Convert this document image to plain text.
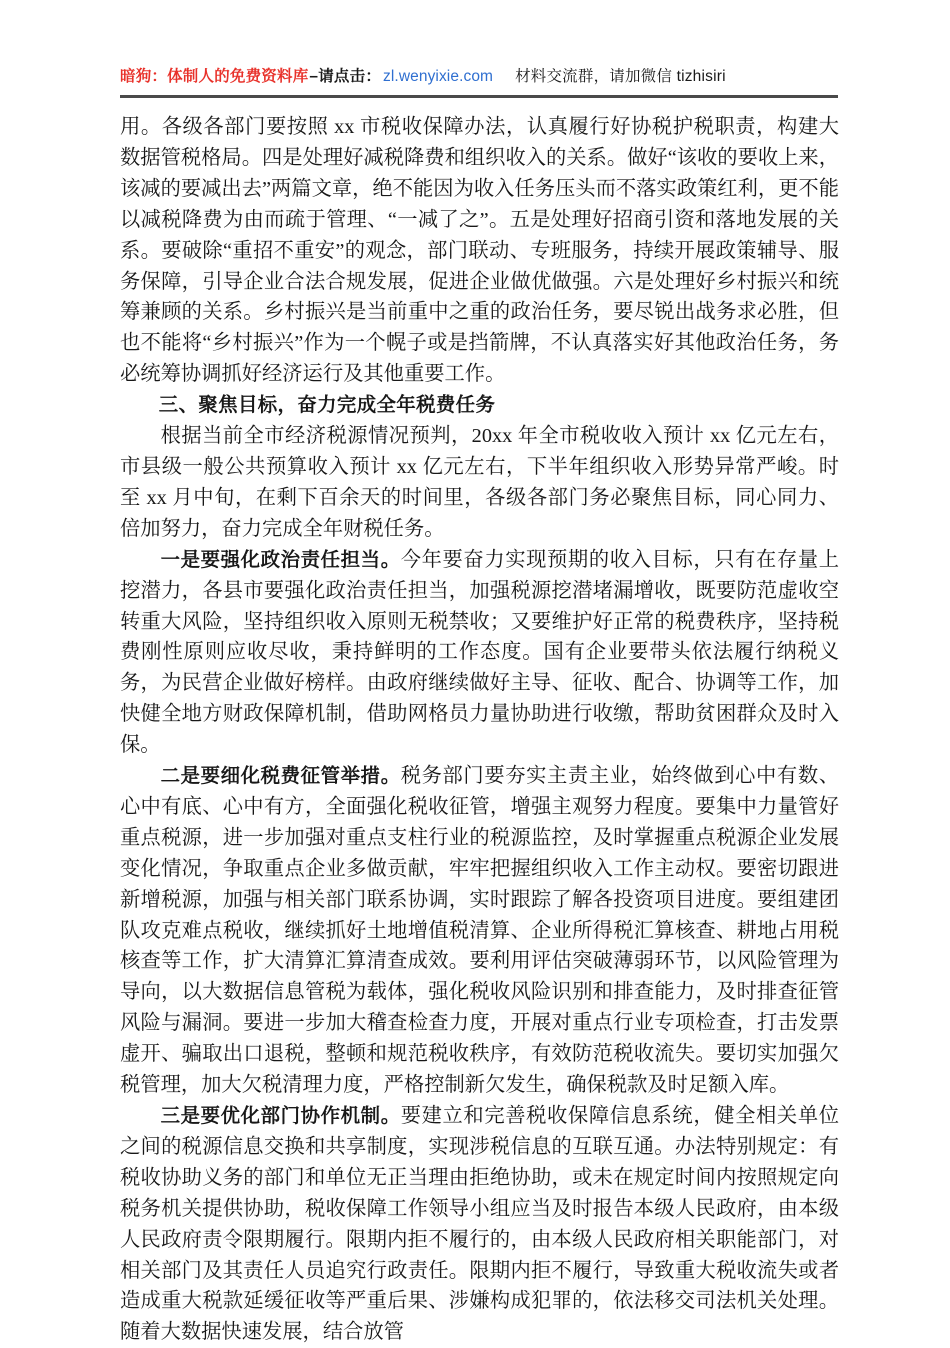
暗狗：体制人的免费资料库 –请点击： zl.wenyixie.com 材料交流群，请加微信 tizhisiri

用。各级各部门要按照 xx 市税收保障办法，认真履行好协税护税职责，构建大数据管税格局。四是处理好减税降费和组织收入的关系。做好“该收的要收上来，该减的要减出去”两篇文章，绝不能因为收入任务压头而不落实政策红利，更不能以减税降费为由而疏于管理、“一减了之”。五是处理好招商引资和落地发展的关系。要破除“重招不重安”的观念，部门联动、专班服务，持续开展政策辅导、服务保障，引导企业合法合规发展，促进企业做优做强。六是处理好乡村振兴和统筹兼顾的关系。乡村振兴是当前重中之重的政治任务，要尽锐出战务求必胜，但也不能将“乡村振兴”作为一个幌子或是挡箭牌，不认真落实好其他政治任务，务必统筹协调抓好经济运行及其他重要工作。

三、聚焦目标，奋力完成全年税费任务

根据当前全市经济税源情况预判，20xx 年全市税收收入预计 xx 亿元左右，市县级一般公共预算收入预计 xx 亿元左右，下半年组织收入形势异常严峻。时至 xx 月中旬，在剩下百余天的时间里，各级各部门务必聚焦目标，同心同力、倍加努力，奋力完成全年财税任务。

一是要强化政治责任担当。今年要奋力实现预期的收入目标，只有在存量上挖潜力，各县市要强化政治责任担当，加强税源挖潜堵漏增收，既要防范虚收空转重大风险，坚持组织收入原则无税禁收；又要维护好正常的税费秩序，坚持税费刚性原则应收尽收，秉持鲜明的工作态度。国有企业要带头依法履行纳税义务，为民营企业做好榜样。由政府继续做好主导、征收、配合、协调等工作，加快健全地方财政保障机制，借助网格员力量协助进行收缴，帮助贫困群众及时入保。

二是要细化税费征管举措。税务部门要夯实主责主业，始终做到心中有数、心中有底、心中有方，全面强化税收征管，增强主观努力程度。要集中力量管好重点税源，进一步加强对重点支柱行业的税源监控，及时掌握重点税源企业发展变化情况，争取重点企业多做贡献，牢牢把握组织收入工作主动权。要密切跟进新增税源，加强与相关部门联系协调，实时跟踪了解各投资项目进度。要组建团队攻克难点税收，继续抓好土地增值税清算、企业所得税汇算核查、耕地占用税核查等工作，扩大清算汇算清查成效。要利用评估突破薄弱环节，以风险管理为导向，以大数据信息管税为载体，强化税收风险识别和排查能力，及时排查征管风险与漏洞。要进一步加大稽查检查力度，开展对重点行业专项检查，打击发票虚开、骗取出口退税，整顿和规范税收秩序，有效防范税收流失。要切实加强欠税管理，加大欠税清理力度，严格控制新欠发生，确保税款及时足额入库。

三是要优化部门协作机制。要建立和完善税收保障信息系统，健全相关单位之间的税源信息交换和共享制度，实现涉税信息的互联互通。办法特别规定：有税收协助义务的部门和单位无正当理由拒绝协助，或未在规定时间内按照规定向税务机关提供协助，税收保障工作领导小组应当及时报告本级人民政府，由本级人民政府责令限期履行。限期内拒不履行的，由本级人民政府相关职能部门，对相关部门及其责任人员追究行政责任。限期内拒不履行，导致重大税收流失或者造成重大税款延缓征收等严重后果、涉嫌构成犯罪的，依法移交司法机关处理。随着大数据快速发展，结合放管
